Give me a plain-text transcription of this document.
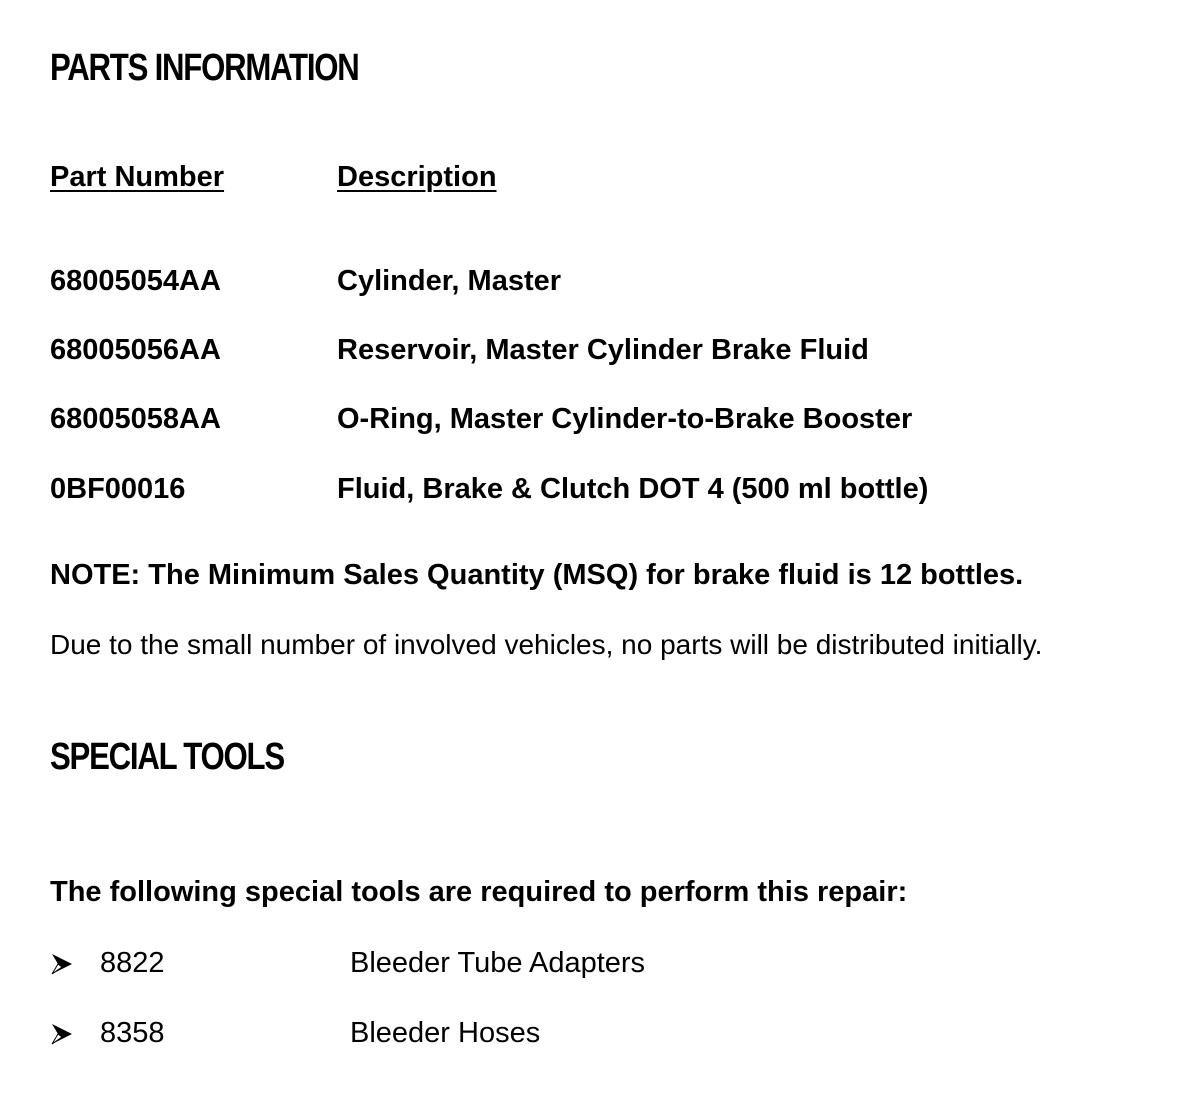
PARTS INFORMATION
Part Number	Description
68005054AA	Cylinder, Master
68005056AA	Reservoir, Master Cylinder Brake Fluid
68005058AA	O-Ring, Master Cylinder-to-Brake Booster
0BF00016	Fluid, Brake & Clutch DOT 4 (500 ml bottle)
NOTE: The Minimum Sales Quantity (MSQ) for brake fluid is 12 bottles.
Due to the small number of involved vehicles, no parts will be distributed initially.
SPECIAL TOOLS
The following special tools are required to perform this repair:
8822	Bleeder Tube Adapters
8358	Bleeder Hoses
